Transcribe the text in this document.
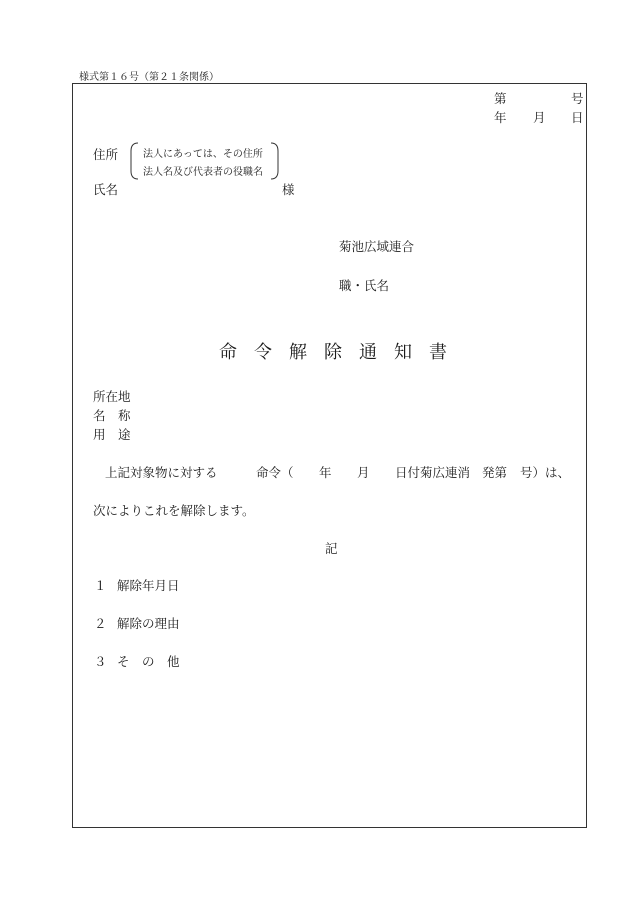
様式第１６号（第２１条関係）
第	号
年 月 日
住所
氏名
法人にあっては、その住所
法人名及び代表者の役職名
様
菊池広域連合
職・氏名
命 令 解 除 通 知 書
所在地
名　称
用　途
上記対象物に対する	命令（ 年 月 日付菊広連消 発第 号）は、
次によりこれを解除します。
記
１ 解除年月日
２ 解除の理由
３ そ　の　他
